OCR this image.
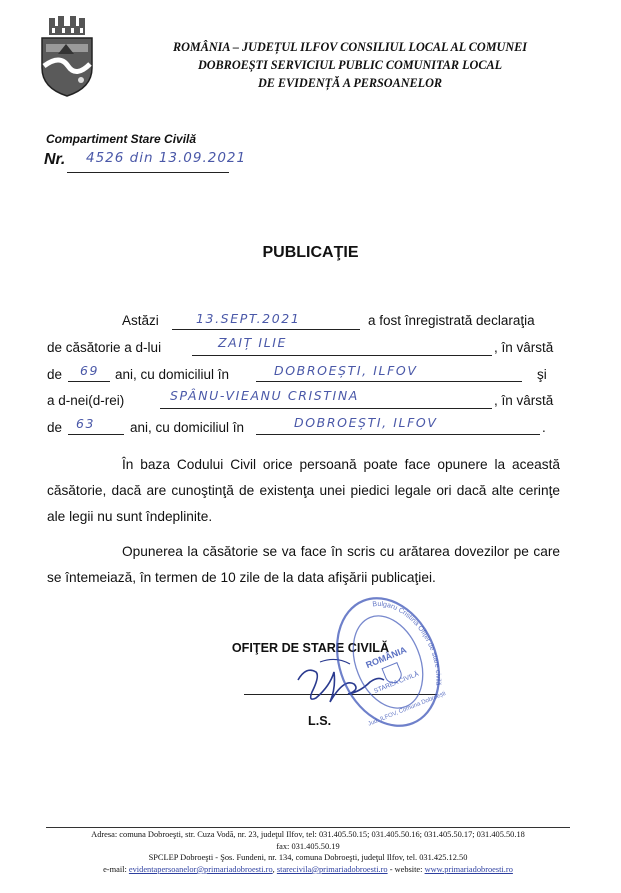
ROMÂNIA – JUDEȚUL ILFOV CONSILIUL LOCAL AL COMUNEI
DOBROEȘTI SERVICIUL PUBLIC COMUNITAR LOCAL
DE EVIDENȚĂ A PERSOANELOR
Compartiment Stare Civilă
Nr. 4526 din 13.09.2021
PUBLICAŢIE
Astăzi	13.SEPT.2021	a fost înregistrată declaraţia
de căsătorie a d-lui	ZAIȚ ILIE	, în vârstă
de 69 ani, cu domiciliul în	DOBROEȘTI, ILFOV	şi
a d-nei(d-rei)	SPÂNU-VIEANU CRISTINA	, în vârstă
de 63	ani, cu domiciliul în	DOBROEȘTI, ILFOV	.
În baza Codului Civil orice persoană poate face opunere la această căsătorie, dacă are cunoştinţă de existenţa unei piedici legale ori dacă alte cerinţe ale legii nu sunt îndeplinite.
Opunerea la căsătorie se va face în scris cu arătarea dovezilor pe care se întemeiază, în termen de 10 zile de la data afişării publicaţiei.
OFIŢER DE STARE CIVILĂ
L.S.
Bulgaru Cristina Ofițer de stare civilă
ROMÂNIA
STAREA CIVILĂ
Jud. ILFOV, Comuna Dobroești
Adresa: comuna Dobroeşti, str. Cuza Vodă, nr. 23, judeţul Ilfov, tel: 031.405.50.15; 031.405.50.16; 031.405.50.17; 031.405.50.18
fax: 031.405.50.19
SPCLEP Dobroeşti - Şos. Fundeni, nr. 134, comuna Dobroeşti, judeţul Ilfov, tel. 031.425.12.50
e-mail: evidentapersoanelor@primariadobroesti.ro, starecivila@primariadobroesti.ro - website: www.primariadobroesti.ro
